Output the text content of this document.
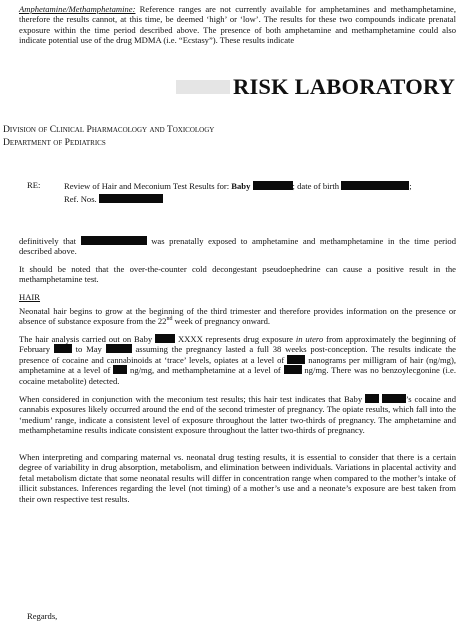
Amphetamine/Methamphetamine: Reference ranges are not currently available for amphetamines and methamphetamine, therefore the results cannot, at this time, be deemed ‘high’ or ‘low’. The results for these two compounds indicate prenatal exposure within the time period described above. The presence of both amphetamine and methamphetamine could also indicate potential use of the drug MDMA (i.e. “Ecstasy”). These results indicate

RISK LABORATORY
Division of Clinical Pharmacology and Toxicology
Department of Pediatrics
RE:	Review of Hair and Meconium Test Results for: Baby	; date of birth	;
Ref. Nos.

definitively that	was prenatally exposed to amphetamine and methamphetamine in the time period described above.

It should be noted that the over-the-counter cold decongestant pseudoephedrine can cause a positive result in the methamphetamine test.

HAIR

Neonatal hair begins to grow at the beginning of the third trimester and therefore provides information on the presence or absence of substance exposure from the 22nd week of pregnancy onward.

The hair analysis carried out on Baby	XXXX represents drug exposure in utero from approximately the beginning of February	to May	assuming the pregnancy lasted a full 38 weeks post-conception. The results indicate the presence of cocaine and cannabinoids at ‘trace’ levels, opiates at a level of  nanograms per milligram of hair (ng/mg), amphetamine at a level of  ng/mg, and methamphetamine at a level of  ng/mg. There was no benzoylecgonine (i.e. cocaine metabolite) detected.

When considered in conjunction with the meconium test results; this hair test indicates that Baby	’s cocaine and cannabis exposures likely occurred around the end of the second trimester of pregnancy. The opiate results, which fall into the ‘medium’ range, indicate a consistent level of exposure throughout the latter two-thirds of pregnancy. The amphetamine and methamphetamine results indicate consistent exposure throughout the latter two-thirds of pregnancy.

When interpreting and comparing maternal vs. neonatal drug testing results, it is essential to consider that there is a certain degree of variability in drug absorption, metabolism, and elimination between individuals. Variations in placental activity and fetal metabolism dictate that some neonatal results will differ in concentration range when compared to the mother’s intake of illicit substances. Inferences regarding the level (not timing) of a mother’s use and a neonate’s exposure are best taken from their own respective test results.

Regards,
